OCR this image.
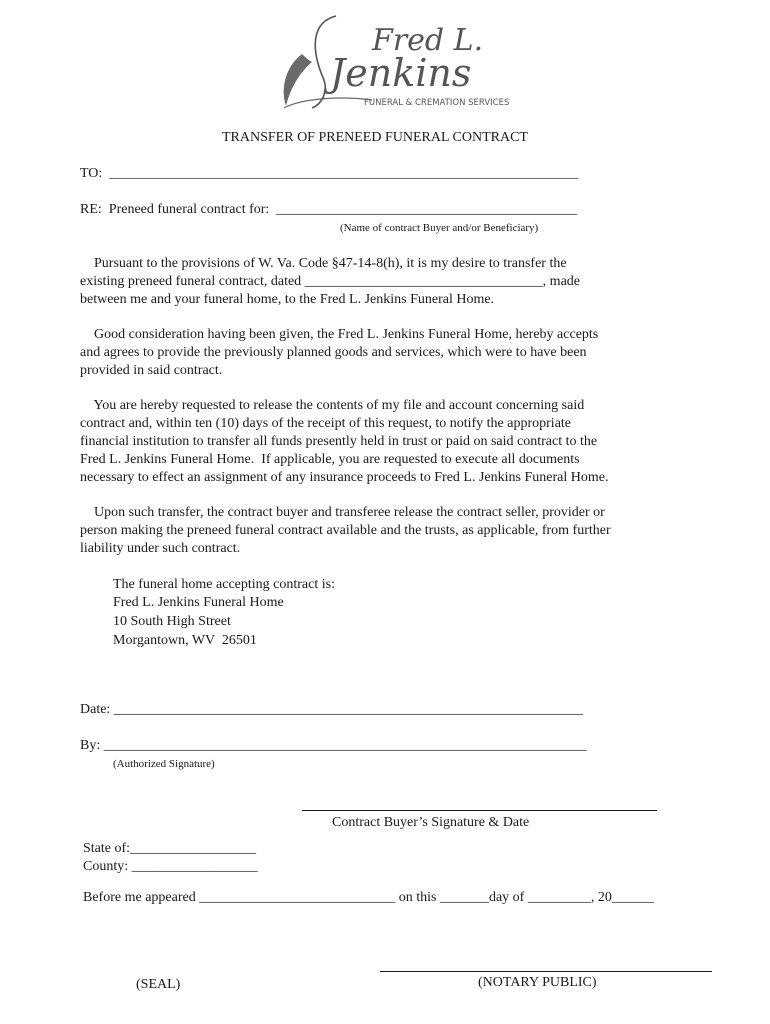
Fred L.
Jenkins
FUNERAL & CREMATION SERVICES
TRANSFER OF PRENEED FUNERAL CONTRACT
TO:  ___________________________________________________________________
RE:  Preneed funeral contract for:  ___________________________________________
(Name of contract Buyer and/or Beneficiary)
Pursuant to the provisions of W. Va. Code §47-14-8(h), it is my desire to transfer the
existing preneed funeral contract, dated __________________________________, made
between me and your funeral home, to the Fred L. Jenkins Funeral Home.
Good consideration having been given, the Fred L. Jenkins Funeral Home, hereby accepts
and agrees to provide the previously planned goods and services, which were to have been
provided in said contract.
You are hereby requested to release the contents of my file and account concerning said
contract and, within ten (10) days of the receipt of this request, to notify the appropriate
financial institution to transfer all funds presently held in trust or paid on said contract to the
Fred L. Jenkins Funeral Home.  If applicable, you are requested to execute all documents
necessary to effect an assignment of any insurance proceeds to Fred L. Jenkins Funeral Home.
Upon such transfer, the contract buyer and transferee release the contract seller, provider or
person making the preneed funeral contract available and the trusts, as applicable, from further
liability under such contract.
The funeral home accepting contract is:
Fred L. Jenkins Funeral Home
10 South High Street
Morgantown, WV  26501
Date: ___________________________________________________________________
By: _____________________________________________________________________
(Authorized Signature)
Contract Buyer’s Signature & Date
State of:__________________
County: __________________
Before me appeared ____________________________ on this _______day of _________, 20______
(SEAL)	(NOTARY PUBLIC)
